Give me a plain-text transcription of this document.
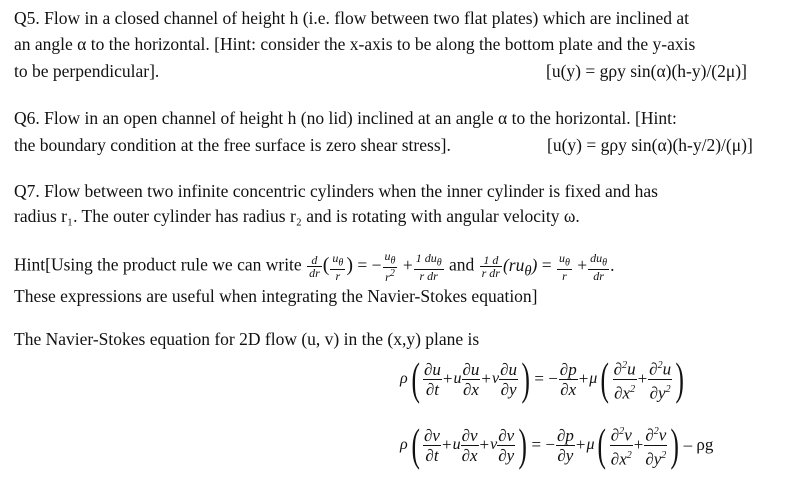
Q5. Flow in a closed channel of height h (i.e. flow between two flat plates) which are inclined at
an angle α to the horizontal. [Hint: consider the x-axis to be along the bottom plate and the y-axis
to be perpendicular].	[u(y) = gρy sin(α)(h-y)/(2μ)]
Q6. Flow in an open channel of height h (no lid) inclined at an angle α to the horizontal. [Hint:
the boundary condition at the free surface is zero shear stress].	[u(y) = gρy sin(α)(h-y/2)/(μ)]
Q7. Flow between two infinite concentric cylinders when the inner cylinder is fixed and has
radius r₁. The outer cylinder has radius r₂ and is rotating with angular velocity ω.
Hint[Using the product rule we can write $\frac{d}{dr}$ ( $\frac{u_\theta}{r}$ ) = − $\frac{u_\theta}{r^2} + \frac{1 du_\theta}{\text{r dr}}$ and $\frac{1 d}{\text{r dr}} (ru_\theta) = \frac{u_\theta}{r} + \frac{du_\theta}{dr}$ .
These expressions are useful when integrating the Navier-Stokes equation]
The Navier-Stokes equation for 2D flow (u, v) in the (x,y) plane is
ρ ( $\frac{\partial u}{\partial t} + u \frac{\partial u}{\partial x} + v \frac{\partial u}{\partial y}$ ) = − $\frac{\partial p}{\partial x} + \mu$ ( $\frac{\partial^2u}{\partial x^2} + \frac{\partial^2u}{\partial y^2}$ )
ρ ( $\frac{\partial v}{\partial t} + u \frac{\partial v}{\partial x} + v \frac{\partial v}{\partial y}$ ) = − $\frac{\partial p}{\partial y} + \mu$ ( $\frac{\partial^2v}{\partial x^2} + \frac{\partial^2v}{\partial y^2}$ ) – ρg
